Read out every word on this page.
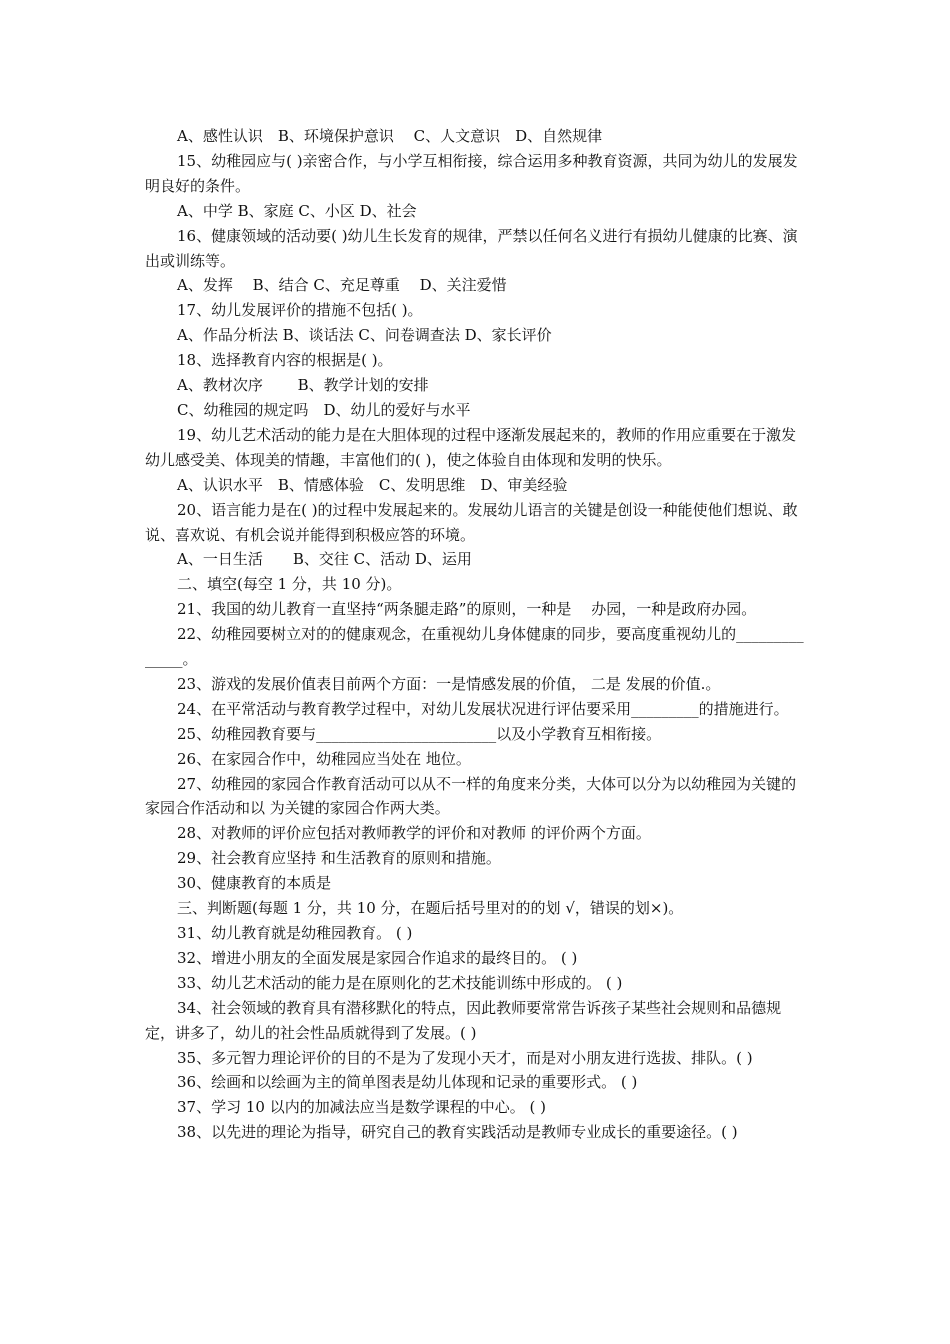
A、感性认识　B、环境保护意识　 C、人文意识　D、自然规律

15、幼稚园应与( )亲密合作，与小学互相衔接，综合运用多种教育资源，共同为幼儿的发展发明良好的条件。

A、中学 B、家庭 C、小区 D、社会

16、健康领域的活动要( )幼儿生长发育的规律，严禁以任何名义进行有损幼儿健康的比赛、演出或训练等。

A、发挥　 B、结合 C、充足尊重　 D、关注爱惜

17、幼儿发展评价的措施不包括( )。

A、作品分析法 B、谈话法 C、问卷调查法 D、家长评价

18、选择教育内容的根据是( )。

A、教材次序　　 B、教学计划的安排

C、幼稚园的规定吗　D、幼儿的爱好与水平

19、幼儿艺术活动的能力是在大胆体现的过程中逐渐发展起来的，教师的作用应重要在于激发幼儿感受美、体现美的情趣，丰富他们的( )，使之体验自由体现和发明的快乐。

A、认识水平　B、情感体验　C、发明思维　D、审美经验

20、语言能力是在( )的过程中发展起来的。发展幼儿语言的关键是创设一种能使他们想说、敢说、喜欢说、有机会说并能得到积极应答的环境。

A、一日生活　　B、交往 C、活动 D、运用

二、填空(每空 1 分，共 10 分)。

21、我国的幼儿教育一直坚持“两条腿走路”的原则，一种是　 办园，一种是政府办园。

22、幼稚园要树立对的的健康观念，在重视幼儿身体健康的同步，要高度重视幼儿的______________。

23、游戏的发展价值表目前两个方面：一是情感发展的价值， 二是 发展的价值.。

24、在平常活动与教育教学过程中，对幼儿发展状况进行评估要采用_________的措施进行。

25、幼稚园教育要与________________________以及小学教育互相衔接。

26、在家园合作中，幼稚园应当处在 地位。

27、幼稚园的家园合作教育活动可以从不一样的角度来分类，大体可以分为以幼稚园为关键的家园合作活动和以 为关键的家园合作两大类。

28、对教师的评价应包括对教师教学的评价和对教师 的评价两个方面。

29、社会教育应坚持 和生活教育的原则和措施。

30、健康教育的本质是

三、判断题(每题 1 分，共 10 分，在题后括号里对的的划 √，错误的划×)。

31、幼儿教育就是幼稚园教育。 ( )

32、增进小朋友的全面发展是家园合作追求的最终目的。 ( )

33、幼儿艺术活动的能力是在原则化的艺术技能训练中形成的。 ( )

34、社会领域的教育具有潜移默化的特点，因此教师要常常告诉孩子某些社会规则和品德规定，讲多了，幼儿的社会性品质就得到了发展。( )

35、多元智力理论评价的目的不是为了发现小天才，而是对小朋友进行选拔、排队。( )

36、绘画和以绘画为主的简单图表是幼儿体现和记录的重要形式。 ( )

37、学习 10 以内的加减法应当是数学课程的中心。 ( )

38、以先进的理论为指导，研究自己的教育实践活动是教师专业成长的重要途径。( )
